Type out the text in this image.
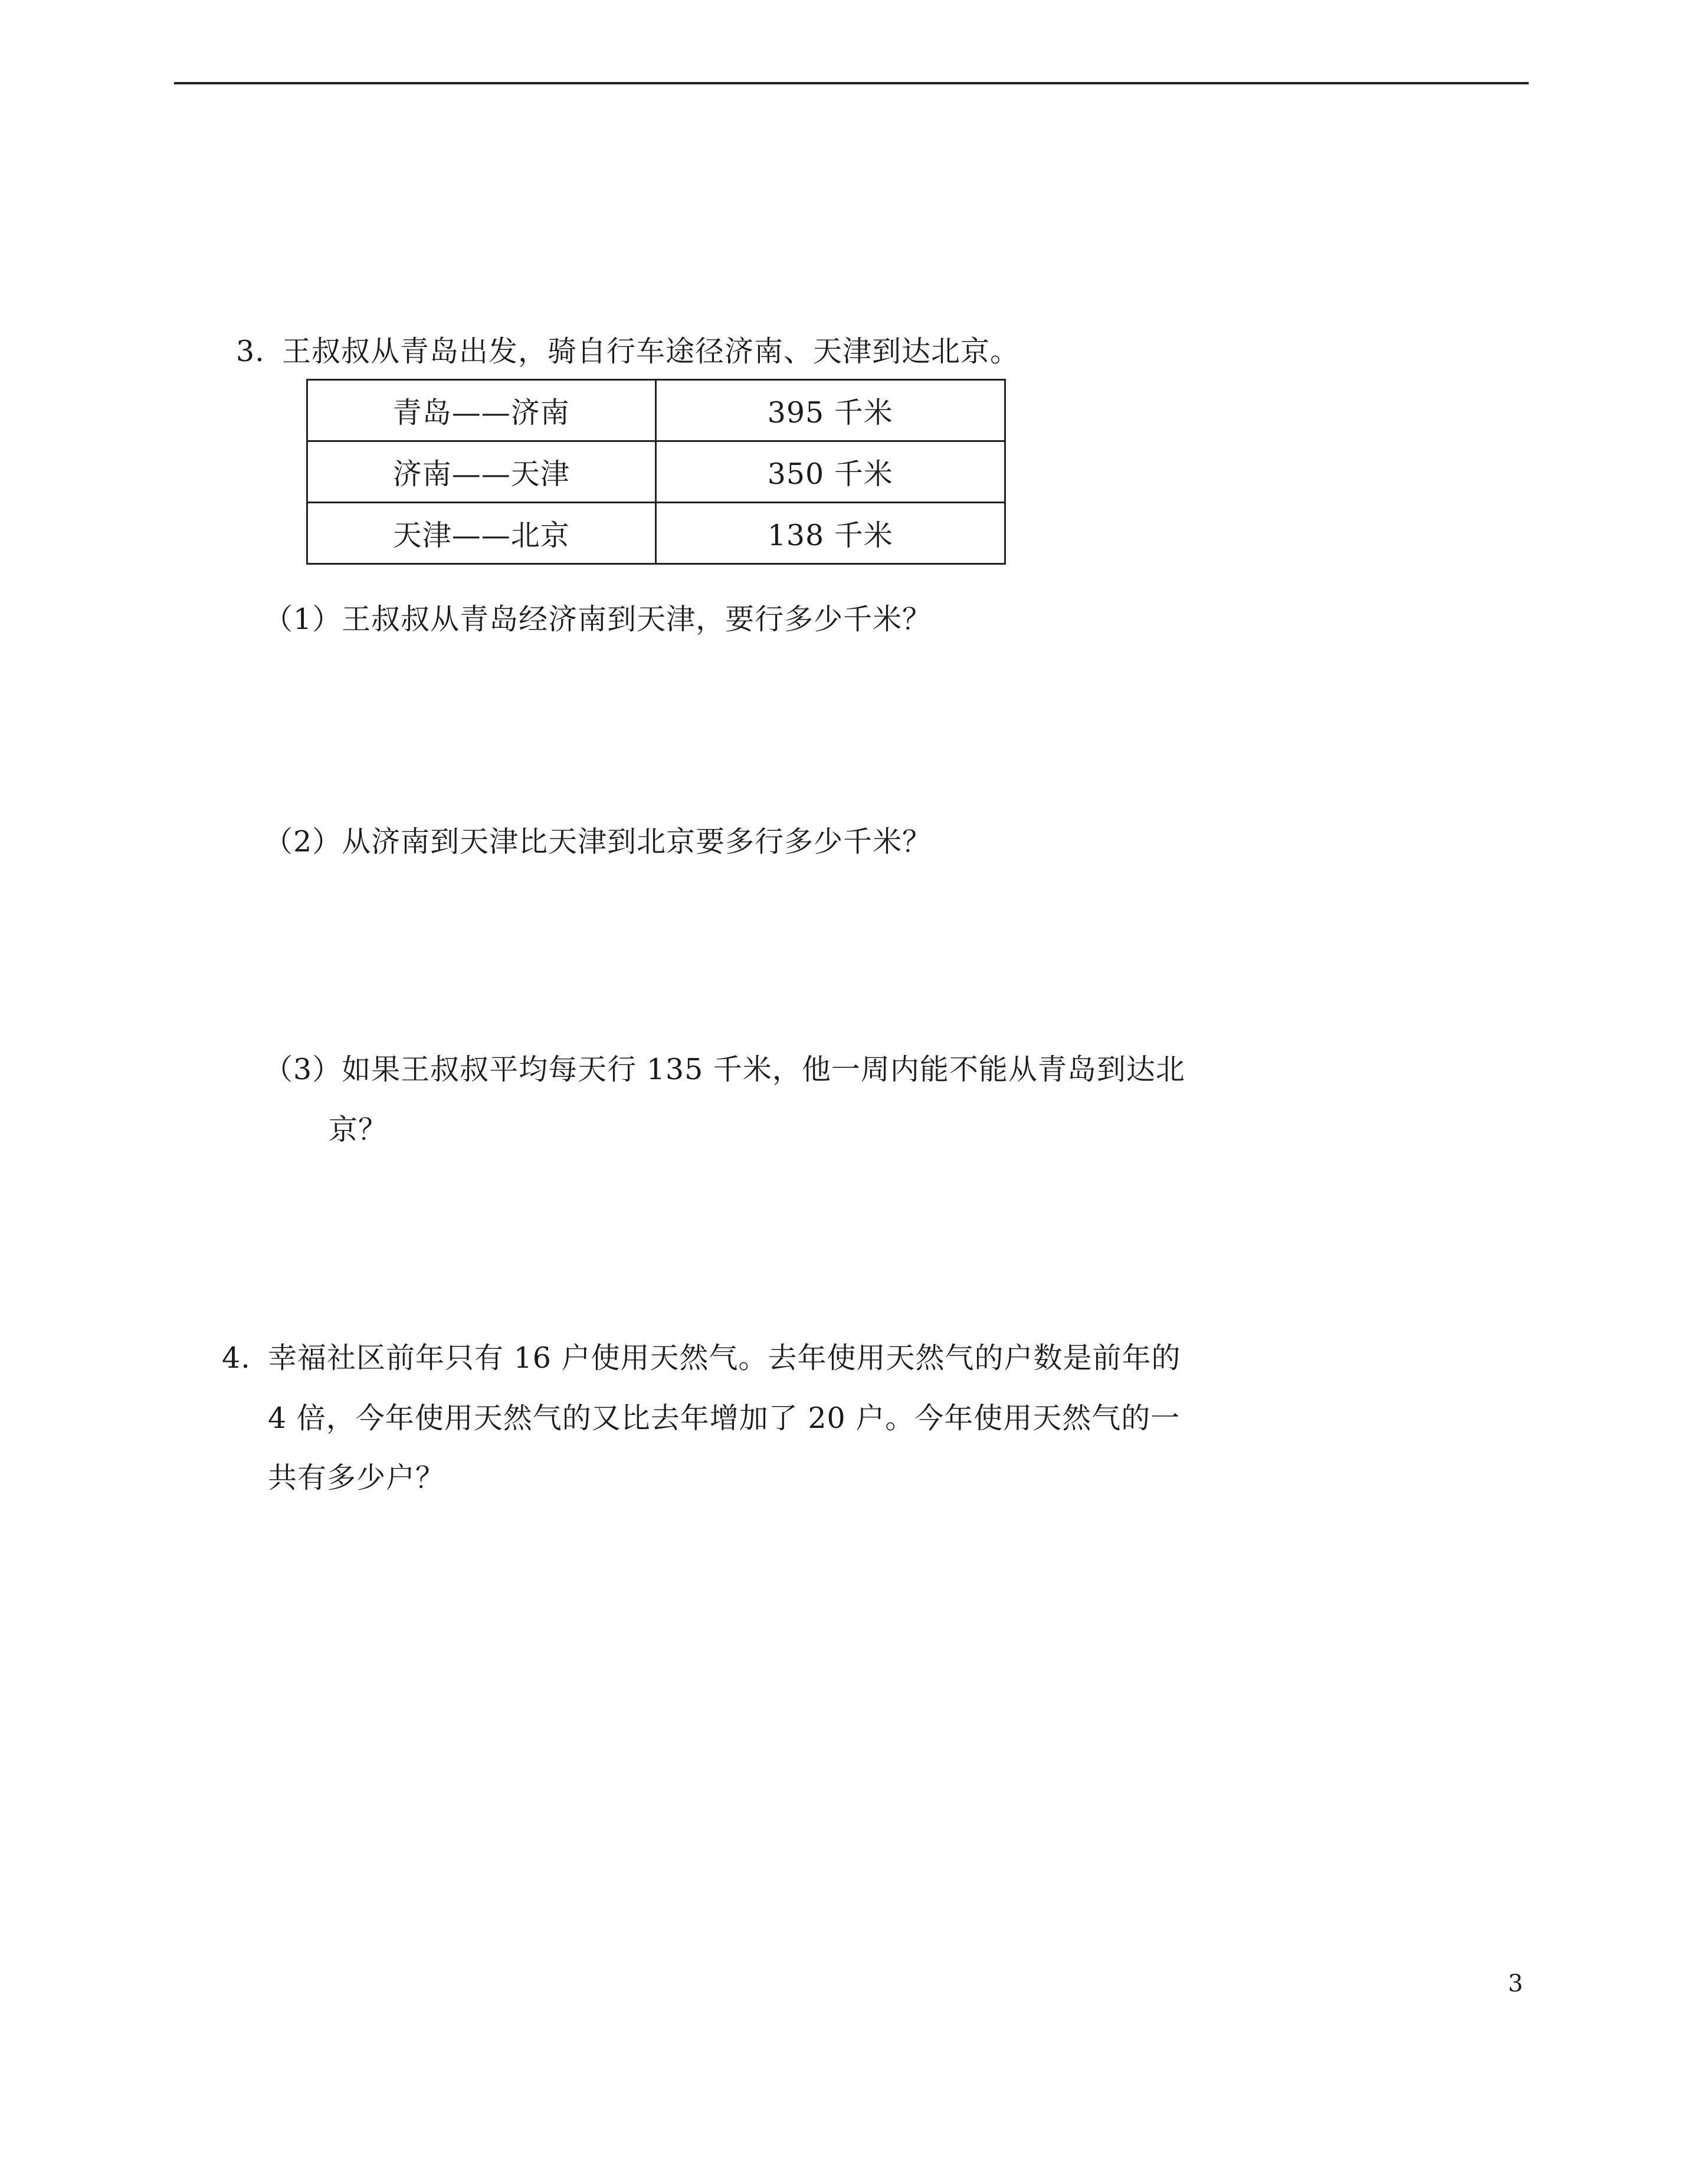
3. 王叔叔从青岛出发，骑自行车途径济南、天津到达北京。
青岛——济南	395 千米
济南——天津	350 千米
天津——北京	138 千米
（1）王叔叔从青岛经济南到天津，要行多少千米？
（2）从济南到天津比天津到北京要多行多少千米？
（3）如果王叔叔平均每天行 135 千米，他一周内能不能从青岛到达北
京？
4. 幸福社区前年只有 16 户使用天然气。去年使用天然气的户数是前年的
4 倍，今年使用天然气的又比去年增加了 20 户。今年使用天然气的一
共有多少户？
3
